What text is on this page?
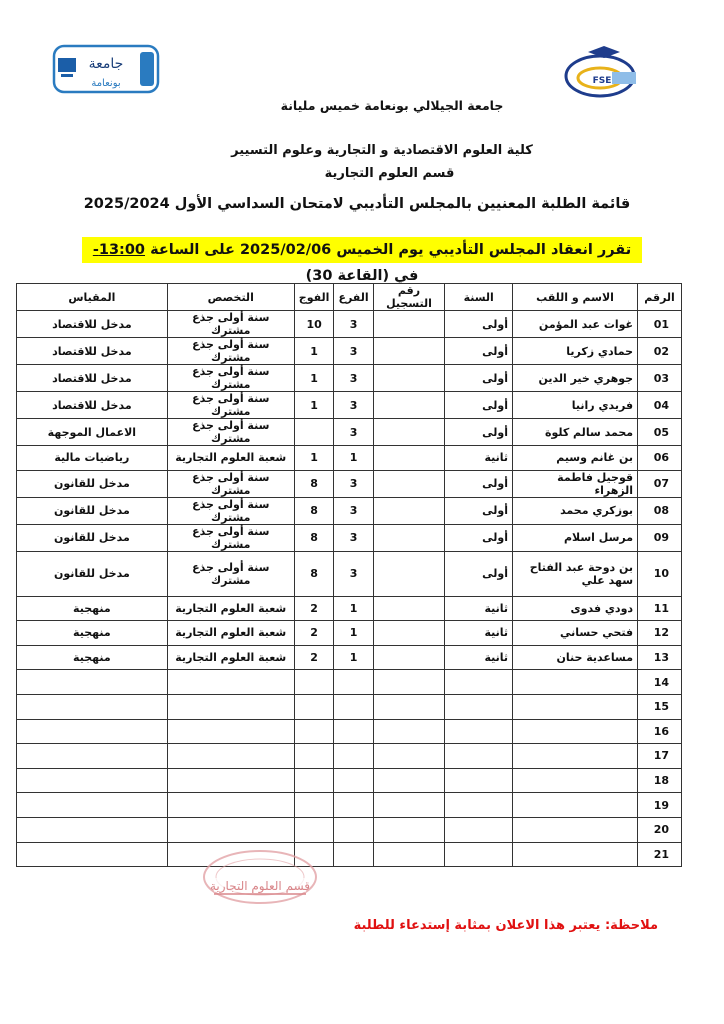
جامعة
بونعامة	FSE
جامعة الجيلالي بونعامة خميس مليانة
كلية العلوم الاقتصادية و التجارية وعلوم التسيير
قسم العلوم التجارية
قائمة الطلبة المعنيين بالمجلس التأديبي لامتحان السداسي الأول 2025/2024
تقرر انعقاد المجلس التأديبي يوم الخميس 2025/02/06 على الساعة 13:00-في (القاعة 30)
الرقم	الاسم و اللقب	السنة	رقم التسجيل	الفرع	الفوج	التخصص	المقياس
01	غوات عبد المؤمن	أولى		3	10	سنة أولى جذع مشترك	مدخل للاقتصاد
02	حمادي زكريا	أولى		3	1	سنة أولى جذع مشترك	مدخل للاقتصاد
03	جوهري خير الدين	أولى		3	1	سنة أولى جذع مشترك	مدخل للاقتصاد
04	فريدي رانيا	أولى		3	1	سنة أولى جذع مشترك	مدخل للاقتصاد
05	محمد سالم كلوة	أولى		3		سنة أولى جذع مشترك	الاعمال الموجهة
06	بن غانم وسيم	ثانية		1	1	شعبة العلوم التجارية	رياضيات مالية
07	قوجيل فاطمة الزهراء	أولى		3	8	سنة أولى جذع مشترك	مدخل للقانون
08	بوزكري محمد	أولى		3	8	سنة أولى جذع مشترك	مدخل للقانون
09	مرسل اسلام	أولى		3	8	سنة أولى جذع مشترك	مدخل للقانون
10	بن دوحة عبد الفتاح سهد علي	أولى		3	8	سنة أولى جذع مشترك	مدخل للقانون
11	دودي فدوى	ثانية		1	2	شعبة العلوم التجارية	منهجية
12	فتحي حساني	ثانية		1	2	شعبة العلوم التجارية	منهجية
13	مساعدية حنان	ثانية		1	2	شعبة العلوم التجارية	منهجية
14							
15							
16							
17							
18							
19							
20							
21							
قسم العلوم التجارية
ملاحظة: يعتبر هذا الاعلان بمثابة إستدعاء للطلبة
